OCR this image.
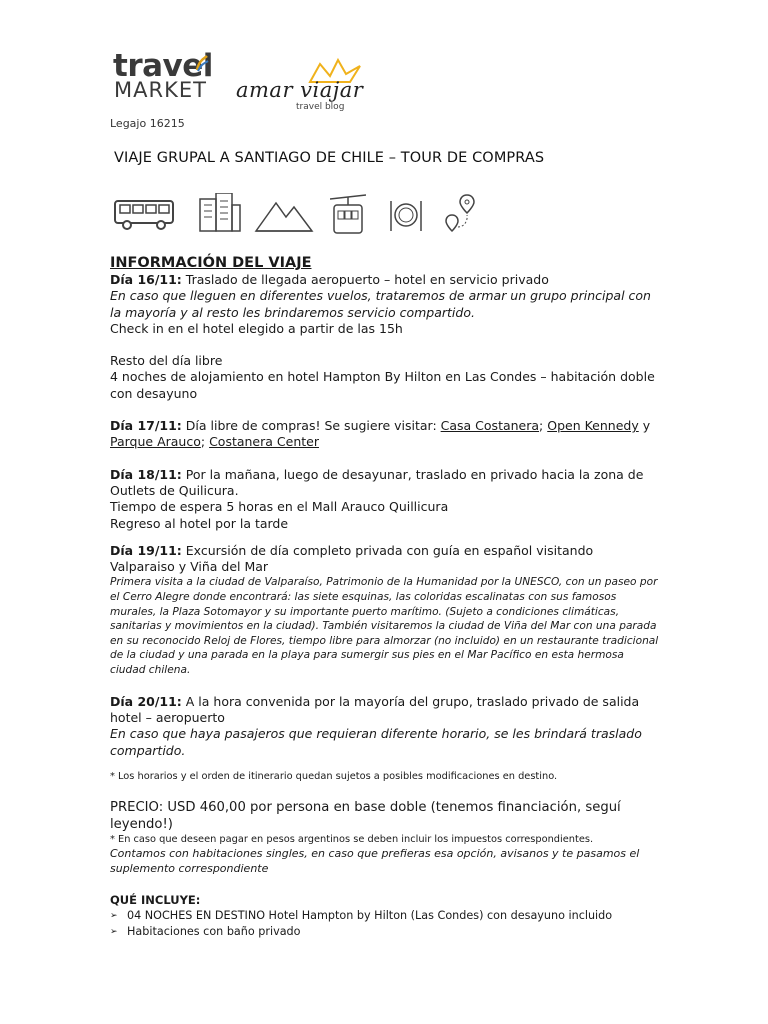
travel
MARKET amar viajar
travel blog
Legajo 16215
VIAJE GRUPAL A SANTIAGO DE CHILE – TOUR DE COMPRAS

INFORMACIÓN DEL VIAJE

Día 16/11: Traslado de llegada aeropuerto – hotel en servicio privado

En caso que lleguen en diferentes vuelos, trataremos de armar un grupo principal con la mayoría y al resto les brindaremos servicio compartido.

Check in en el hotel elegido a partir de las 15h

Resto del día libre

4 noches de alojamiento en hotel Hampton By Hilton en Las Condes – habitación doble con desayuno

Día 17/11: Día libre de compras! Se sugiere visitar: Casa Costanera; Open Kennedy y Parque Arauco; Costanera Center

Día 18/11: Por la mañana, luego de desayunar, traslado en privado hacia la zona de Outlets de Quilicura.

Tiempo de espera 5 horas en el Mall Arauco Quillicura

Regreso al hotel por la tarde

Día 19/11: Excursión de día completo privada con guía en español visitando Valparaiso y Viña del Mar

Primera visita a la ciudad de Valparaíso, Patrimonio de la Humanidad por la UNESCO, con un paseo por el Cerro Alegre donde encontrará: las siete esquinas, las coloridas escalinatas con sus famosos murales, la Plaza Sotomayor y su importante puerto marítimo. (Sujeto a condiciones climáticas, sanitarias y movimientos en la ciudad). También visitaremos la ciudad de Viña del Mar con una parada en su reconocido Reloj de Flores, tiempo libre para almorzar (no incluido) en un restaurante tradicional de la ciudad y una parada en la playa para sumergir sus pies en el Mar Pacífico en esta hermosa ciudad chilena.

Día 20/11: A la hora convenida por la mayoría del grupo, traslado privado de salida hotel – aeropuerto

En caso que haya pasajeros que requieran diferente horario, se les brindará traslado compartido.

* Los horarios y el orden de itinerario quedan sujetos a posibles modificaciones en destino.

PRECIO: USD 460,00 por persona en base doble (tenemos financiación, seguí leyendo!)

* En caso que deseen pagar en pesos argentinos se deben incluir los impuestos correspondientes.

Contamos con habitaciones singles, en caso que prefieras esa opción, avisanos y te pasamos el suplemento correspondiente

QUÉ INCLUYE:

➢ 04 NOCHES EN DESTINO Hotel Hampton by Hilton (Las Condes) con desayuno incluido
➢ Habitaciones con baño privado
